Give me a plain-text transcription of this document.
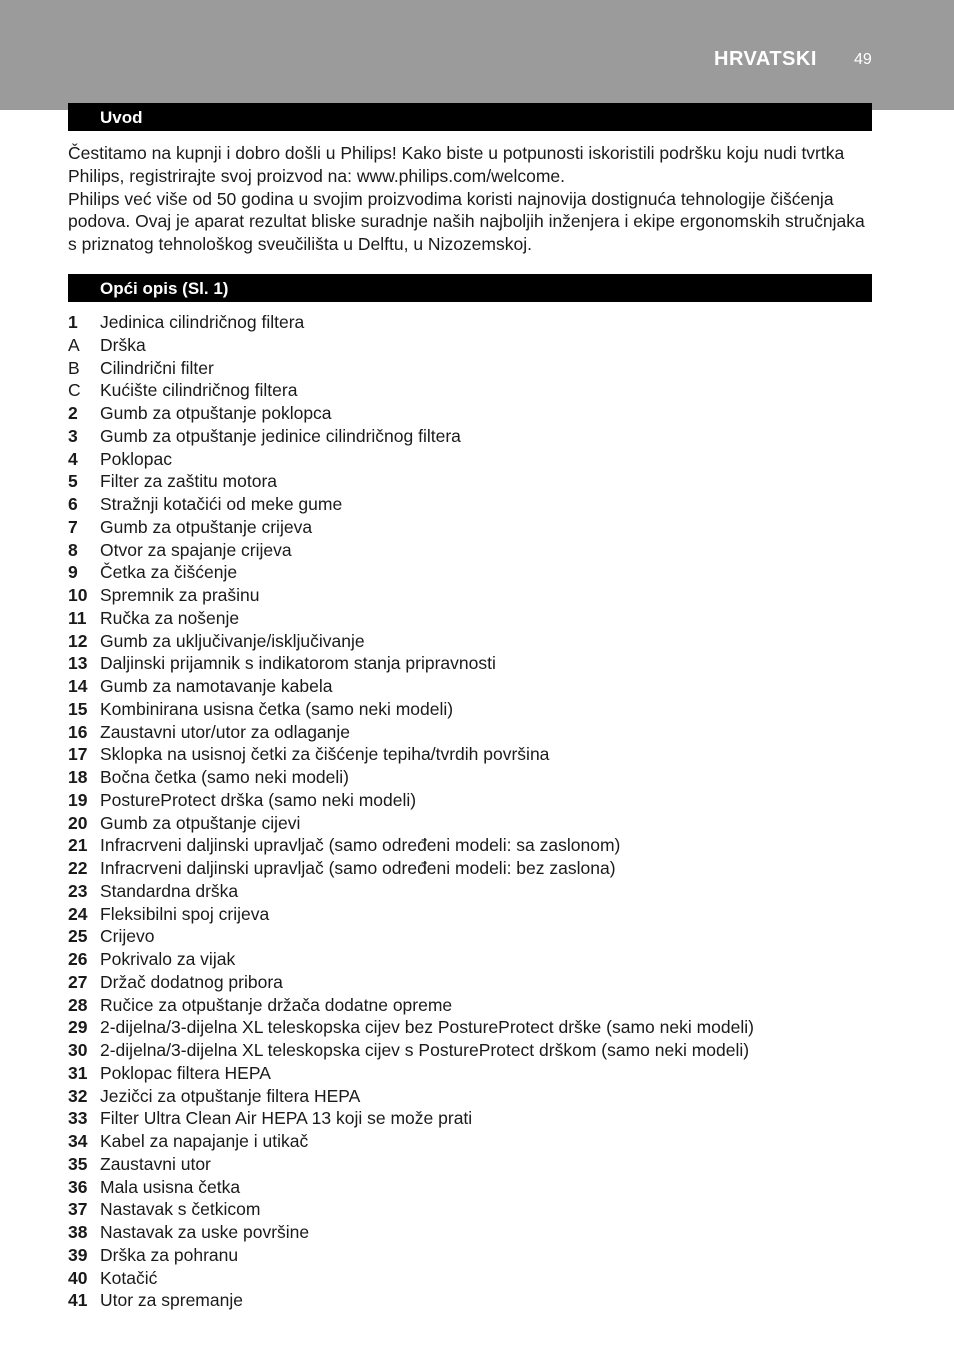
HRVATSKI 49
Uvod

Čestitamo na kupnji i dobro došli u Philips! Kako biste u potpunosti iskoristili podršku koju nudi tvrtka Philips, registrirajte svoj proizvod na: www.philips.com/welcome.

Philips već više od 50 godina u svojim proizvodima koristi najnovija dostignuća tehnologije čišćenja podova. Ovaj je aparat rezultat bliske suradnje naših najboljih inženjera i ekipe ergonomskih stručnjaka s priznatog tehnološkog sveučilišta u Delftu, u Nizozemskoj.

Opći opis (Sl. 1)
1 Jedinica cilindričnog filtera
A Drška
B Cilindrični filter
C Kućište cilindričnog filtera
2 Gumb za otpuštanje poklopca
3 Gumb za otpuštanje jedinice cilindričnog filtera
4 Poklopac
5 Filter za zaštitu motora
6 Stražnji kotačići od meke gume
7 Gumb za otpuštanje crijeva
8 Otvor za spajanje crijeva
9 Četka za čišćenje
10 Spremnik za prašinu
11 Ručka za nošenje
12 Gumb za uključivanje/isključivanje
13 Daljinski prijamnik s indikatorom stanja pripravnosti
14 Gumb za namotavanje kabela
15 Kombinirana usisna četka (samo neki modeli)
16 Zaustavni utor/utor za odlaganje
17 Sklopka na usisnoj četki za čišćenje tepiha/tvrdih površina
18 Bočna četka (samo neki modeli)
19 PostureProtect drška (samo neki modeli)
20 Gumb za otpuštanje cijevi
21 Infracrveni daljinski upravljač (samo određeni modeli: sa zaslonom)
22 Infracrveni daljinski upravljač (samo određeni modeli: bez zaslona)
23 Standardna drška
24 Fleksibilni spoj crijeva
25 Crijevo
26 Pokrivalo za vijak
27 Držač dodatnog pribora
28 Ručice za otpuštanje držača dodatne opreme
29 2-dijelna/3-dijelna XL teleskopska cijev bez PostureProtect drške (samo neki modeli)
30 2-dijelna/3-dijelna XL teleskopska cijev s PostureProtect drškom (samo neki modeli)
31 Poklopac filtera HEPA
32 Jezičci za otpuštanje filtera HEPA
33 Filter Ultra Clean Air HEPA 13 koji se može prati
34 Kabel za napajanje i utikač
35 Zaustavni utor
36 Mala usisna četka
37 Nastavak s četkicom
38 Nastavak za uske površine
39 Drška za pohranu
40 Kotačić
41 Utor za spremanje
